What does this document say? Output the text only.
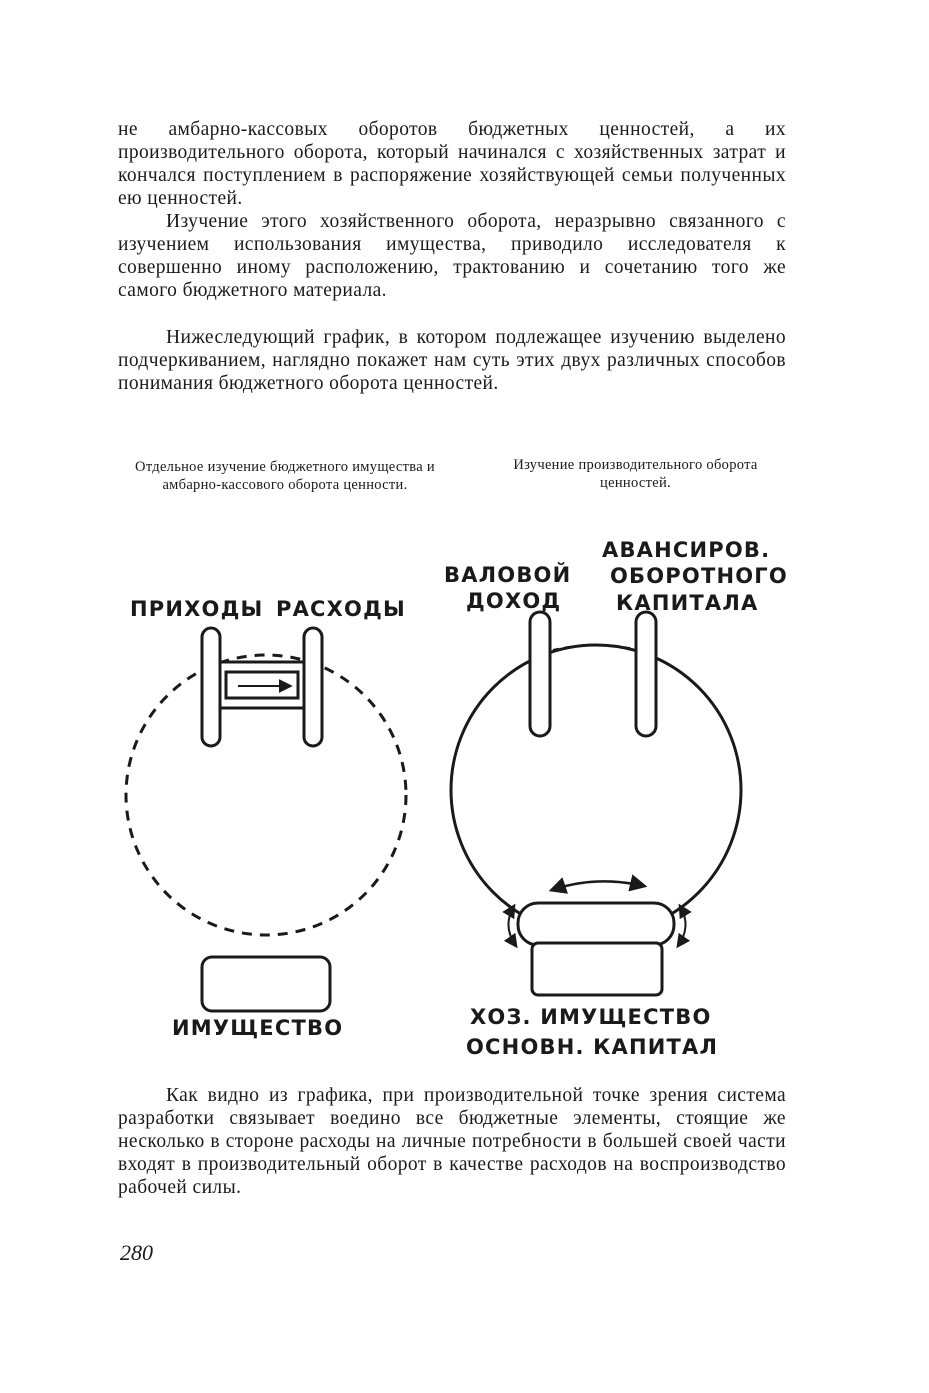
не амбарно-кассовых оборотов бюджетных ценностей, а их производительного оборота, который начинался с хозяйственных затрат и кончался поступлением в распоряжение хозяйствующей семьи полученных ею ценностей.

Изучение этого хозяйственного оборота, неразрывно связанного с изучением использования имущества, приводило исследователя к совершенно иному расположению, трактованию и сочетанию того же самого бюджетного материала.

Нижеследующий график, в котором подлежащее изучению выделено подчеркиванием, наглядно покажет нам суть этих двух различных способов понимания бюджетного оборота ценностей.

Отдельное изучение бюджетного имущества и амбарно-кассового оборота ценности.

Изучение производительного оборота ценностей.

ПРИХОДЫ РАСХОДЫ
ИМУЩЕСТВО
ВАЛОВОЙ
ДОХОД
АВАНСИРОВ.
ОБОРОТНОГО
КАПИТАЛА
ХОЗ. ИМУЩЕСТВО
ОСНОВН. КАПИТАЛ

Как видно из графика, при производительной точке зрения система разработки связывает воедино все бюджетные элементы, стоящие же несколько в стороне расходы на личные потребности в большей своей части входят в производительный оборот в качестве расходов на воспроизводство рабочей силы.

280
